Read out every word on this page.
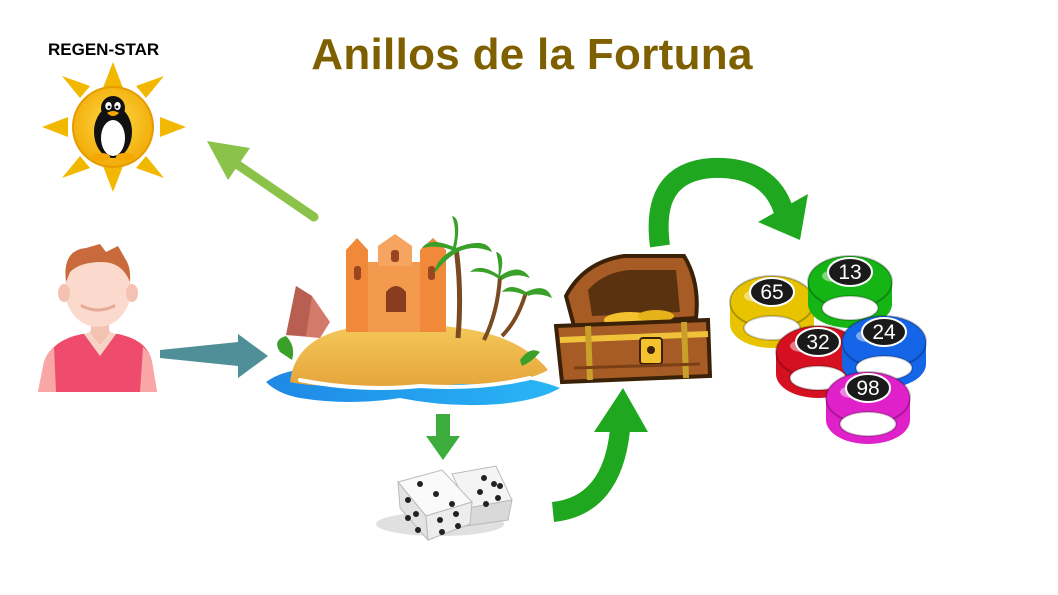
Anillos de la Fortuna
REGEN-STAR
65
13
32 24
98
